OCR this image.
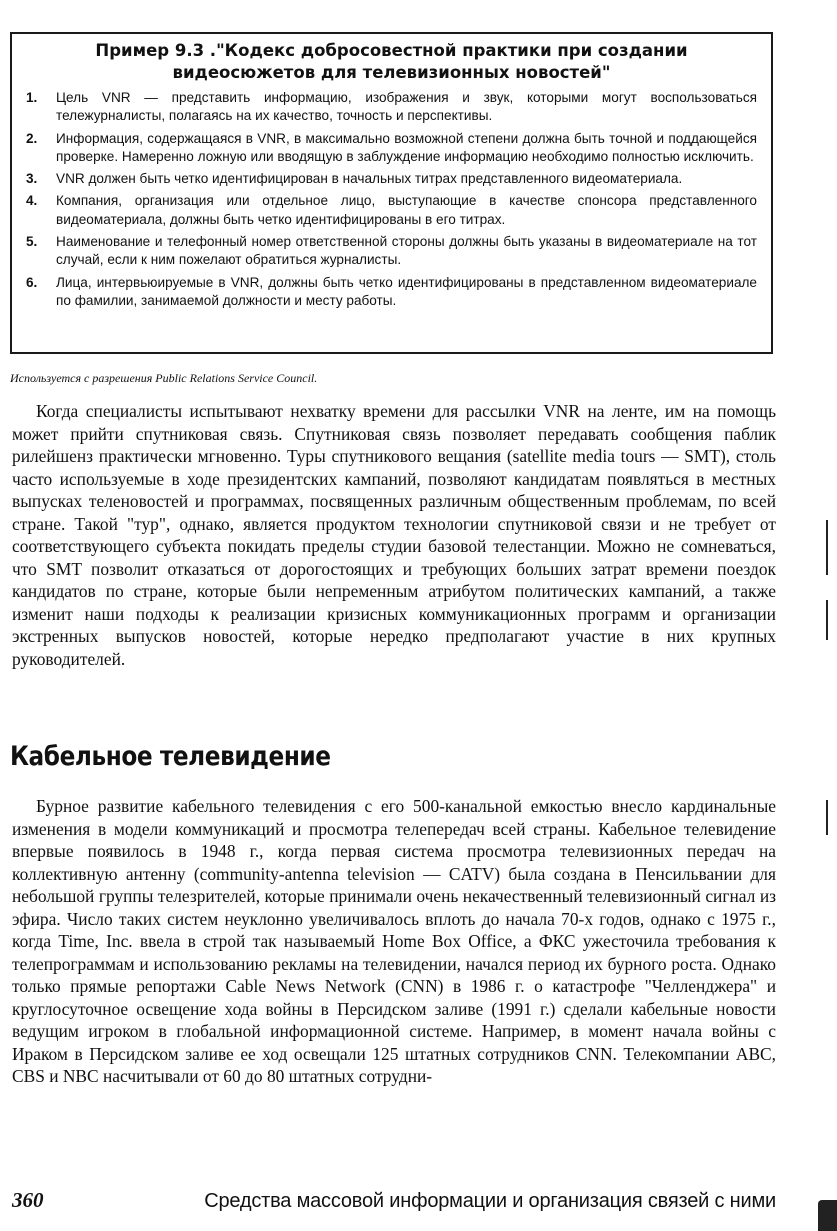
Пример 9.3 ."Кодекс добросовестной практики при создании видеосюжетов для телевизионных новостей"

1. Цель VNR — представить информацию, изображения и звук, которыми могут воспользоваться тележурналисты, полагаясь на их качество, точность и перспективы.
2. Информация, содержащаяся в VNR, в максимально возможной степени должна быть точной и поддающейся проверке. Намеренно ложную или вводящую в заблуждение информацию необходимо полностью исключить.
3. VNR должен быть четко идентифицирован в начальных титрах представленного видеоматериала.
4. Компания, организация или отдельное лицо, выступающие в качестве спонсора представленного видеоматериала, должны быть четко идентифицированы в его титрах.
5. Наименование и телефонный номер ответственной стороны должны быть указаны в видеоматериале на тот случай, если к ним пожелают обратиться журналисты.
6. Лица, интервьюируемые в VNR, должны быть четко идентифицированы в представленном видеоматериале по фамилии, занимаемой должности и месту работы.

Используется с разрешения Public Relations Service Council.

Когда специалисты испытывают нехватку времени для рассылки VNR на ленте, им на помощь может прийти спутниковая связь. Спутниковая связь позволяет передавать сообщения паблик рилейшенз практически мгновенно. Туры спутникового вещания (satellite media tours — SMT), столь часто используемые в ходе президентских кампаний, позволяют кандидатам появляться в местных выпусках теленовостей и программах, посвященных различным общественным проблемам, по всей стране. Такой "тур", однако, является продуктом технологии спутниковой связи и не требует от соответствующего субъекта покидать пределы студии базовой телестанции. Можно не сомневаться, что SMT позволит отказаться от дорогостоящих и требующих больших затрат времени поездок кандидатов по стране, которые были непременным атрибутом политических кампаний, а также изменит наши подходы к реализации кризисных коммуникационных программ и организации экстренных выпусков новостей, которые нередко предполагают участие в них крупных руководителей.

Кабельное телевидение

Бурное развитие кабельного телевидения с его 500-канальной емкостью внесло кардинальные изменения в модели коммуникаций и просмотра телепередач всей страны. Кабельное телевидение впервые появилось в 1948 г., когда первая система просмотра телевизионных передач на коллективную антенну (community-antenna television — CATV) была создана в Пенсильвании для небольшой группы телезрителей, которые принимали очень некачественный телевизионный сигнал из эфира. Число таких систем неуклонно увеличивалось вплоть до начала 70-х годов, однако с 1975 г., когда Time, Inc. ввела в строй так называемый Home Box Office, а ФКС ужесточила требования к телепрограммам и использованию рекламы на телевидении, начался период их бурного роста. Однако только прямые репортажи Cable News Network (CNN) в 1986 г. о катастрофе "Челленджера" и круглосуточное освещение хода войны в Персидском заливе (1991 г.) сделали кабельные новости ведущим игроком в глобальной информационной системе. Например, в момент начала войны с Ираком в Персидском заливе ее ход освещали 125 штатных сотрудников CNN. Телекомпании ABC, CBS и NBC насчитывали от 60 до 80 штатных сотрудни-

360	Средства массовой информации и организация связей с ними
